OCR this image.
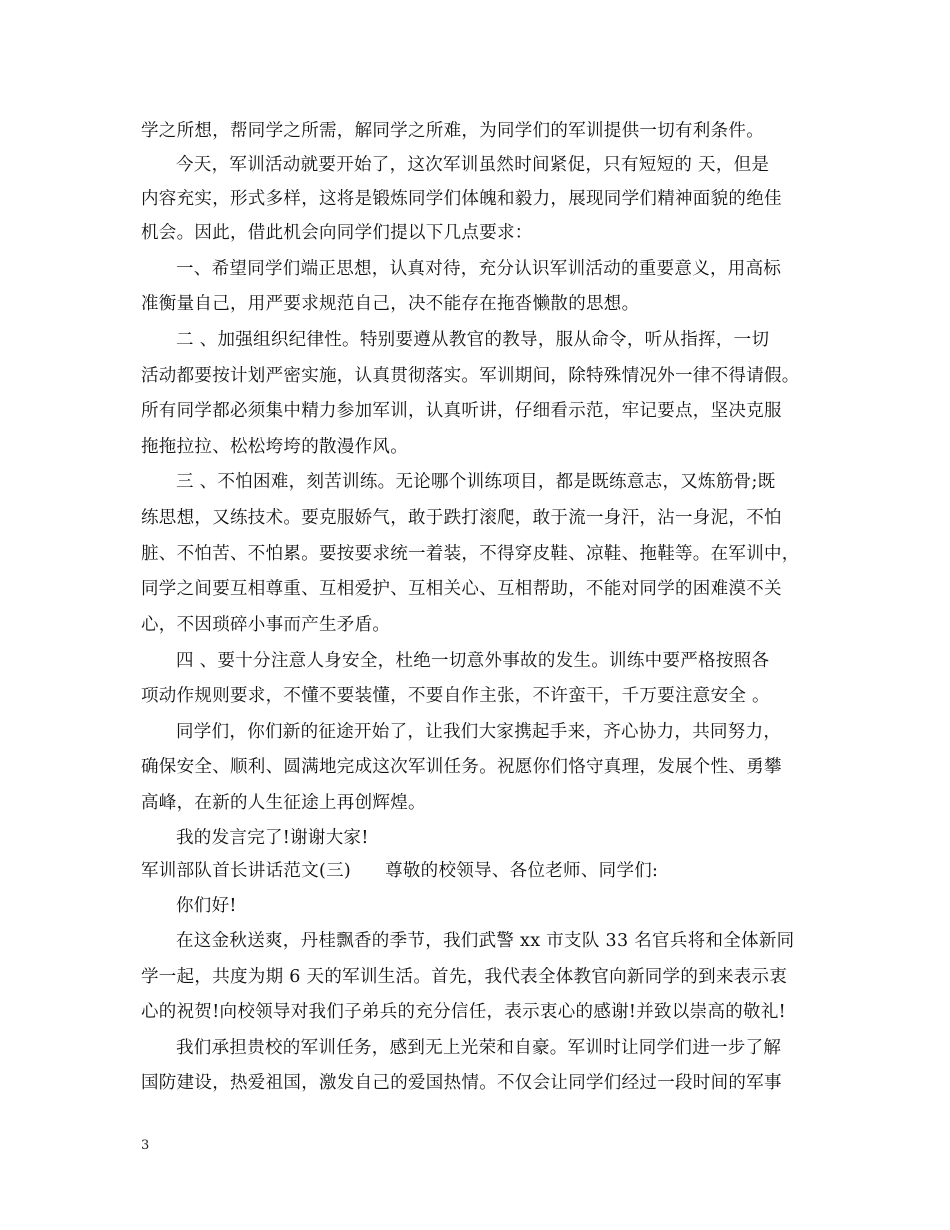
学之所想，帮同学之所需，解同学之所难，为同学们的军训提供一切有利条件。
今天，军训活动就要开始了，这次军训虽然时间紧促，只有短短的 天，但是
内容充实，形式多样，这将是锻炼同学们体魄和毅力，展现同学们精神面貌的绝佳
机会。因此，借此机会向同学们提以下几点要求：
一、希望同学们端正思想，认真对待，充分认识军训活动的重要意义，用高标
准衡量自己，用严要求规范自己，决不能存在拖沓懒散的思想。
二 、加强组织纪律性。特别要遵从教官的教导，服从命令，听从指挥，一切
活动都要按计划严密实施，认真贯彻落实。军训期间，除特殊情况外一律不得请假。
所有同学都必须集中精力参加军训，认真听讲，仔细看示范，牢记要点，坚决克服
拖拖拉拉、松松垮垮的散漫作风。
三 、不怕困难，刻苦训练。无论哪个训练项目，都是既练意志，又炼筋骨;既
练思想，又练技术。要克服娇气，敢于跌打滚爬，敢于流一身汗，沾一身泥，不怕
脏、不怕苦、不怕累。要按要求统一着装，不得穿皮鞋、凉鞋、拖鞋等。在军训中，
同学之间要互相尊重、互相爱护、互相关心、互相帮助，不能对同学的困难漠不关
心，不因琐碎小事而产生矛盾。
四 、要十分注意人身安全，杜绝一切意外事故的发生。训练中要严格按照各
项动作规则要求，不懂不要装懂，不要自作主张，不许蛮干，千万要注意安全 。
同学们，你们新的征途开始了，让我们大家携起手来，齐心协力，共同努力，
确保安全、顺利、圆满地完成这次军训任务。祝愿你们恪守真理，发展个性、勇攀
高峰，在新的人生征途上再创辉煌。
我的发言完了!谢谢大家!
军训部队首长讲话范文(三) 尊敬的校领导、各位老师、同学们:
你们好!
在这金秋送爽，丹桂飘香的季节，我们武警 xx 市支队 33 名官兵将和全体新同
学一起，共度为期 6 天的军训生活。首先，我代表全体教官向新同学的到来表示衷
心的祝贺!向校领导对我们子弟兵的充分信任，表示衷心的感谢!并致以崇高的敬礼!
我们承担贵校的军训任务，感到无上光荣和自豪。军训时让同学们进一步了解
国防建设，热爱祖国，激发自己的爱国热情。不仅会让同学们经过一段时间的军事
3
